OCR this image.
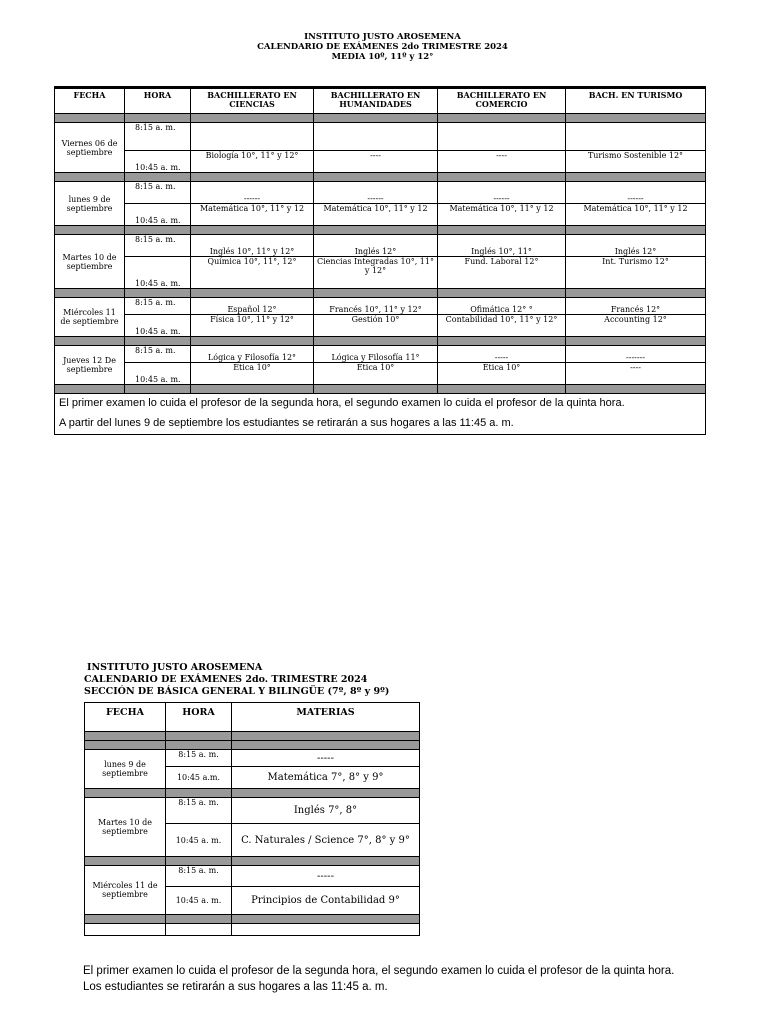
INSTITUTO JUSTO AROSEMENA
CALENDARIO DE EXÁMENES 2do TRIMESTRE 2024
MEDIA 10º, 11º y 12°
FECHA	HORA	BACHILLERATO EN CIENCIAS	BACHILLERATO EN HUMANIDADES	BACHILLERATO EN COMERCIO	BACH. EN TURISMO

Viernes 06 de septiembre	8:15 a. m.				
	10:45 a. m.	Biología 10°, 11° y 12°	----	----	Turismo Sostenible 12°

lunes 9 de septiembre	8:15 a. m.	------	------	------	------
	10:45 a. m.	Matemática 10°, 11° y 12	Matemática 10°, 11° y 12	Matemática 10°, 11° y 12	Matemática 10°, 11° y 12

Martes 10 de septiembre	8:15 a. m.	Inglés 10°, 11° y 12°	Inglés 12°	Inglés 10°, 11°	Inglés 12°
	10:45 a. m.	Química 10°, 11°, 12°	Ciencias Integradas 10°, 11° y 12°	Fund. Laboral 12°	Int. Turismo 12°

Miércoles 11 de septiembre	8:15 a. m.	Español 12°	Francés 10°, 11° y 12°	Ofimática 12° °	Francés 12°
	10:45 a. m.	Física 10°, 11° y 12°	Gestión 10°	Contabilidad 10°, 11° y 12°	Accounting 12°

Jueves 12 De septiembre	8:15 a. m.	Lógica y Filosofía 12°	Lógica y Filosofía 11°	-----	-------
	10:45 a. m.	Ética 10°	Ética 10°	Ética 10°	----

El primer examen lo cuida el profesor de la segunda hora, el segundo examen lo cuida el profesor de la quinta hora.					
A partir del lunes 9 de septiembre los estudiantes se retirarán a sus hogares a las 11:45 a. m.					
INSTITUTO JUSTO AROSEMENA
CALENDARIO DE EXÁMENES 2do. TRIMESTRE 2024
SECCIÓN DE BÁSICA GENERAL Y BILINGÜE (7º, 8º y 9º)
FECHA	HORA	MATERIAS

lunes 9 de septiembre	8:15 a. m.	-----
	10:45 a.m.	Matemática 7°, 8° y 9°

Martes 10 de septiembre	8:15 a. m.	Inglés 7°, 8°
	10:45 a. m.	C. Naturales / Science 7°, 8° y 9°

Miércoles 11 de septiembre	8:15 a. m.	-----
	10:45 a. m.	Principios de Contabilidad 9°

El primer examen lo cuida el profesor de la segunda hora, el segundo examen lo cuida el profesor de la quinta hora.
Los estudiantes se retirarán a sus hogares a las 11:45 a. m.
